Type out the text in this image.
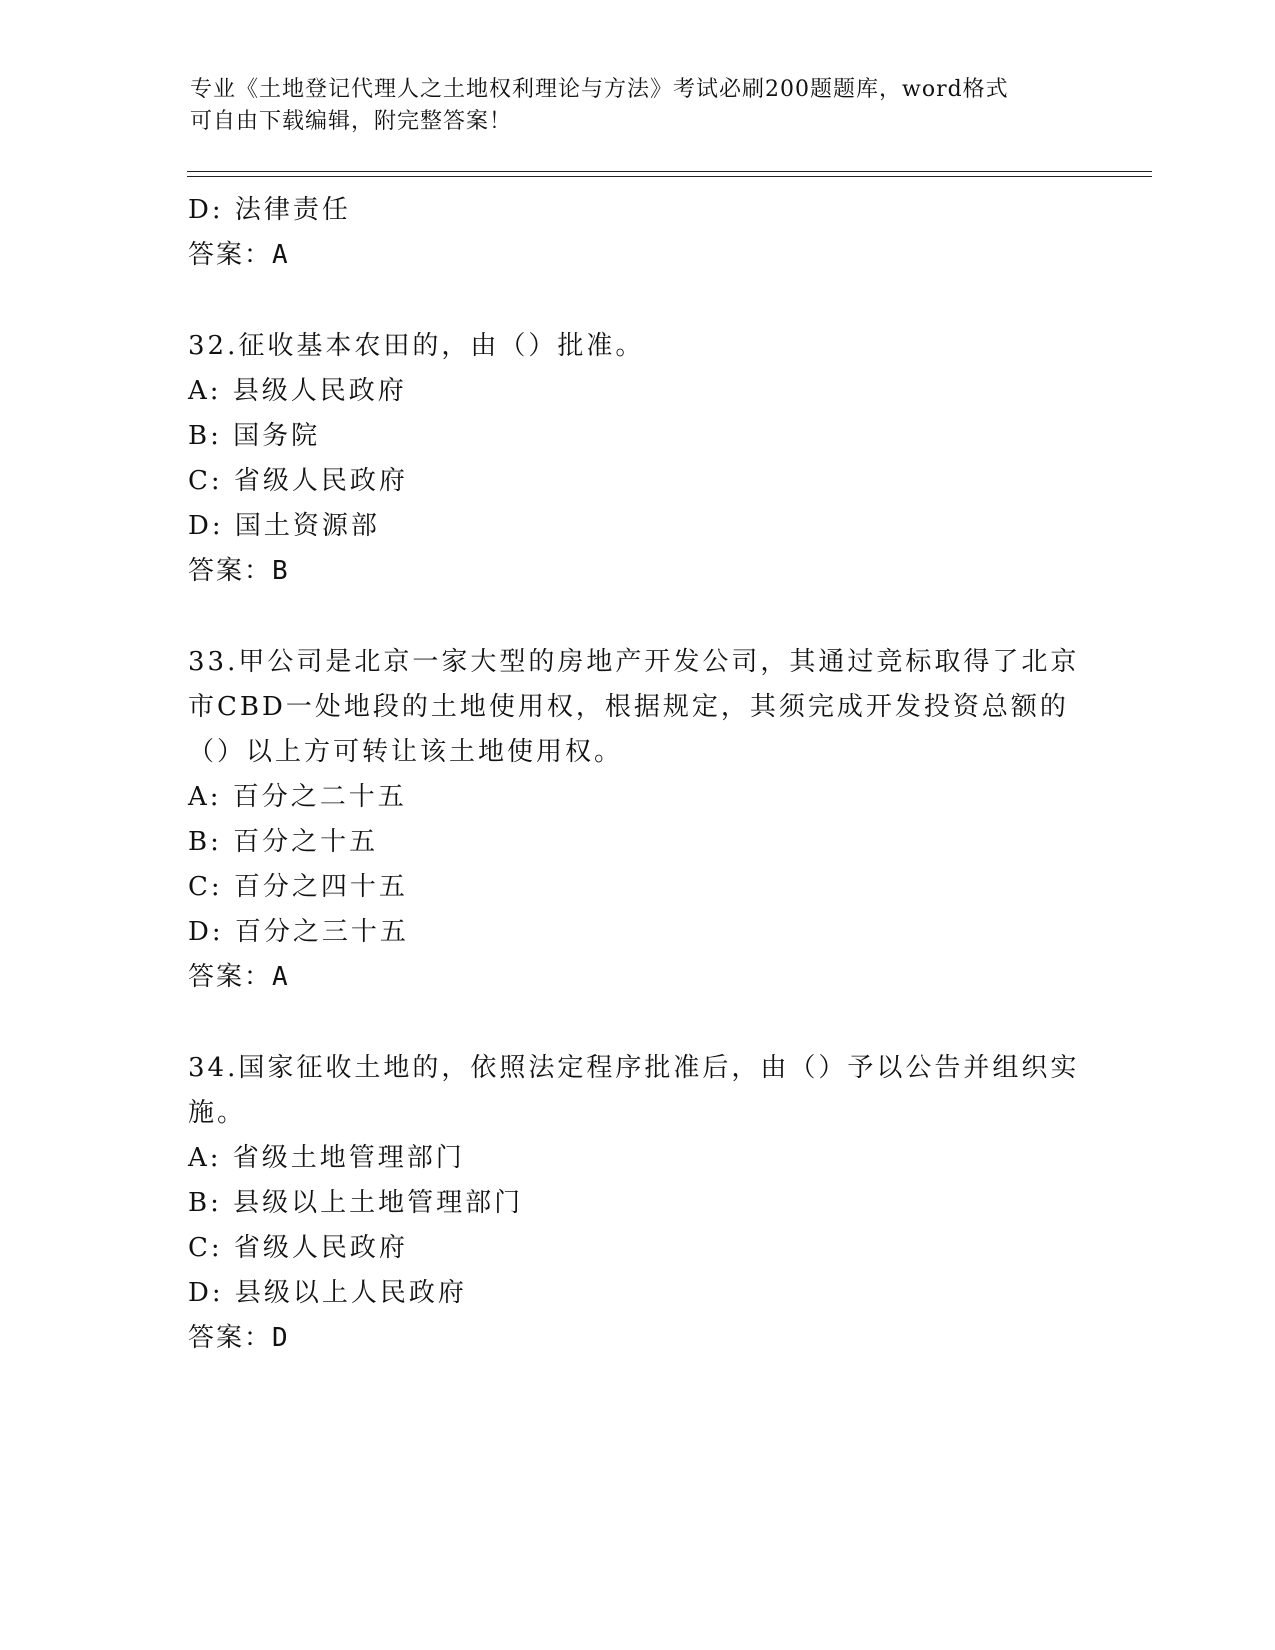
专业《土地登记代理人之土地权利理论与方法》考试必刷200题题库，word格式
可自由下载编辑，附完整答案！
D: 法律责任
答案：A
32.征收基本农田的，由（）批准。
A: 县级人民政府
B: 国务院
C: 省级人民政府
D: 国土资源部
答案：B
33.甲公司是北京一家大型的房地产开发公司，其通过竞标取得了北京
市CBD一处地段的土地使用权，根据规定，其须完成开发投资总额的
（）以上方可转让该土地使用权。
A: 百分之二十五
B: 百分之十五
C: 百分之四十五
D: 百分之三十五
答案：A
34.国家征收土地的，依照法定程序批准后，由（）予以公告并组织实
施。
A: 省级土地管理部门
B: 县级以上土地管理部门
C: 省级人民政府
D: 县级以上人民政府
答案：D
